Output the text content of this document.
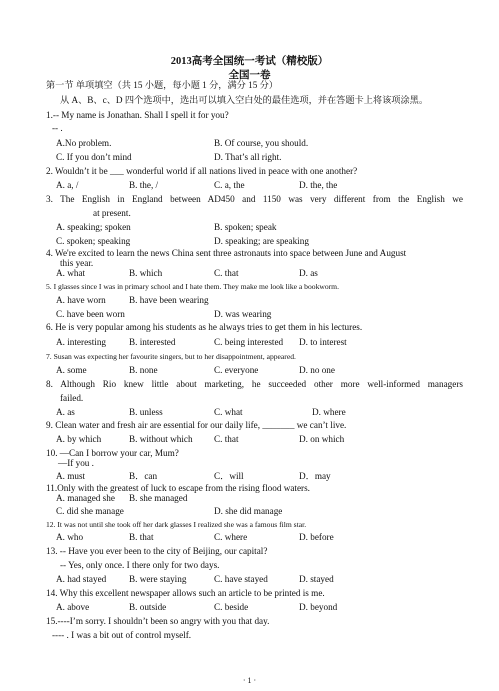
2013高考全国统一考试（精校版）
全国一卷
第一节 单项填空（共 15 小题，每小题 1 分，满分 15 分）
从 A、B、c、D 四个选项中，选出可以填入空白处的最佳选项，并在答题卡上将该项涂黑。
1.-- My name is Jonathan. Shall I spell it for you?
-- .
A.No problem.	B. Of course, you should.
C. If you don’t mind	D. That’s all right.
2. Wouldn’t it be ___ wonderful world if all nations lived in peace with one another?
A. a, /	B. the, /	C. a, the	D. the, the
3. The English in England between AD450 and 1150 was very different from the English we
at present.
A. speaking; spoken	B. spoken; speak
C. spoken; speaking	D. speaking; are speaking
4. We're excited to learn the news China sent three astronauts into space between June and August
this year.
A. what	B. which	C. that	D. as
5. I glasses since I was in primary school and I hate them. They make me look like a bookworm.
A. have worn	B. have been wearing
C. have been worn	D. was wearing
6. He is very popular among his students as he always tries to get them in his lectures.
A. interesting B. interested	C. being interested D. to interest
7. Susan was expecting her favourite singers, but to her disappointment, appeared.
A. some	B. none	C. everyone	D. no one
8. Although Rio knew little about marketing, he succeeded other more well-informed managers
failed.
A. as	B. unless	C. what	D. where
9. Clean water and fresh air are essential for our daily life, _______ we can’t live.
A. by which	B. without which C. that	D. on which
10. —Can I borrow your car, Mum?
—If you .
A. must	B．can	C．will	D．may
11.Only with the greatest of luck to escape from the rising flood waters.
A. managed she B. she managed
C. did she manage	D. she did manage
12. It was not until she took off her dark glasses I realized she was a famous film star.
A. who	B. that	C. where	D. before
13. -- Have you ever been to the city of Beijing, our capital?
-- Yes, only once. I there only for two days.
A. had stayed B. were staying	C. have stayed	D. stayed
14. Why this excellent newspaper allows such an article to be printed is me.
A. above	B. outside	C. beside	D. beyond
15.----I’m sorry. I shouldn’t been so angry with you that day.
---- . I was a bit out of control myself.
· 1 ·
